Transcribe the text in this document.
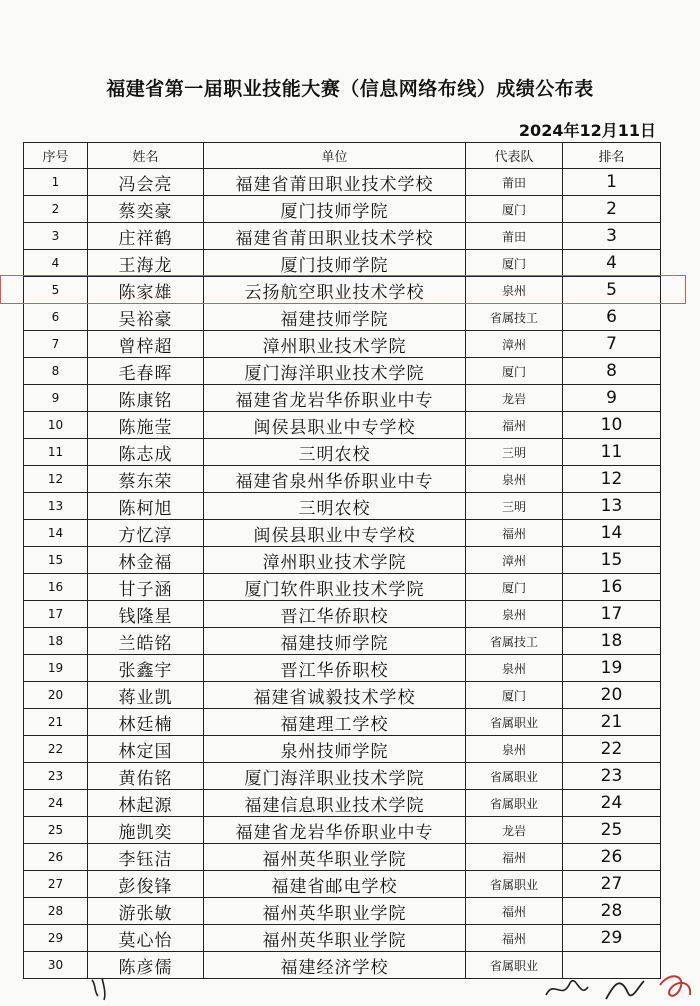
福建省第一届职业技能大赛（信息网络布线）成绩公布表
2024年12月11日
序号	姓名	单位	代表队	排名
1	冯会亮	福建省莆田职业技术学校	莆田	1
2	蔡奕豪	厦门技师学院	厦门	2
3	庄祥鹤	福建省莆田职业技术学校	莆田	3
4	王海龙	厦门技师学院	厦门	4
5	陈家雄	云扬航空职业技术学校	泉州	5
6	吴裕豪	福建技师学院	省属技工	6
7	曾梓超	漳州职业技术学院	漳州	7
8	毛春晖	厦门海洋职业技术学院	厦门	8
9	陈康铭	福建省龙岩华侨职业中专	龙岩	9
10	陈施莹	闽侯县职业中专学校	福州	10
11	陈志成	三明农校	三明	11
12	蔡东荣	福建省泉州华侨职业中专	泉州	12
13	陈柯旭	三明农校	三明	13
14	方忆淳	闽侯县职业中专学校	福州	14
15	林金福	漳州职业技术学院	漳州	15
16	甘子涵	厦门软件职业技术学院	厦门	16
17	钱隆星	晋江华侨职校	泉州	17
18	兰皓铭	福建技师学院	省属技工	18
19	张鑫宇	晋江华侨职校	泉州	19
20	蒋业凯	福建省诚毅技术学校	厦门	20
21	林廷楠	福建理工学校	省属职业	21
22	林定国	泉州技师学院	泉州	22
23	黄佑铭	厦门海洋职业技术学院	省属职业	23
24	林起源	福建信息职业技术学院	省属职业	24
25	施凯奕	福建省龙岩华侨职业中专	龙岩	25
26	李钰洁	福州英华职业学院	福州	26
27	彭俊锋	福建省邮电学校	省属职业	27
28	游张敏	福州英华职业学院	福州	28
29	莫心怡	福州英华职业学院	福州	29
30	陈彦儒	福建经济学校	省属职业	
